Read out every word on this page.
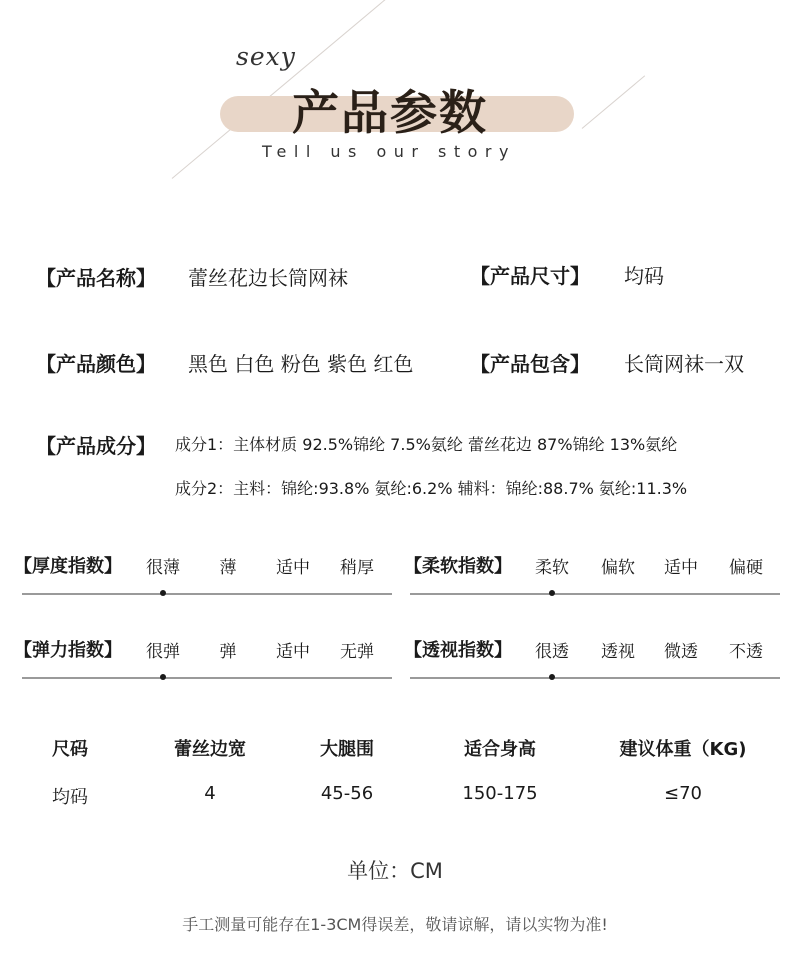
sexy
产品参数
Tell us our story
【产品名称】 蕾丝花边长筒网袜	【产品尺寸】 均码
【产品颜色】 黑色 白色 粉色 紫色 红色	【产品包含】 长筒网袜一双
【产品成分】 成分1：主体材质 92.5%锦纶 7.5%氨纶 蕾丝花边 87%锦纶 13%氨纶
成分2：主料：锦纶:93.8% 氨纶:6.2% 辅料：锦纶:88.7% 氨纶:11.3%
【厚度指数】	很薄	薄	适中	稍厚	【柔软指数】	柔软	偏软	适中	偏硬
【弹力指数】	很弹	弹	适中	无弹	【透视指数】	很透	透视	微透	不透
尺码	蕾丝边宽	大腿围	适合身高	建议体重（KG)
均码	4	45-56	150-175	≤70
单位：CM
手工测量可能存在1-3CM得误差，敬请谅解，请以实物为准!
